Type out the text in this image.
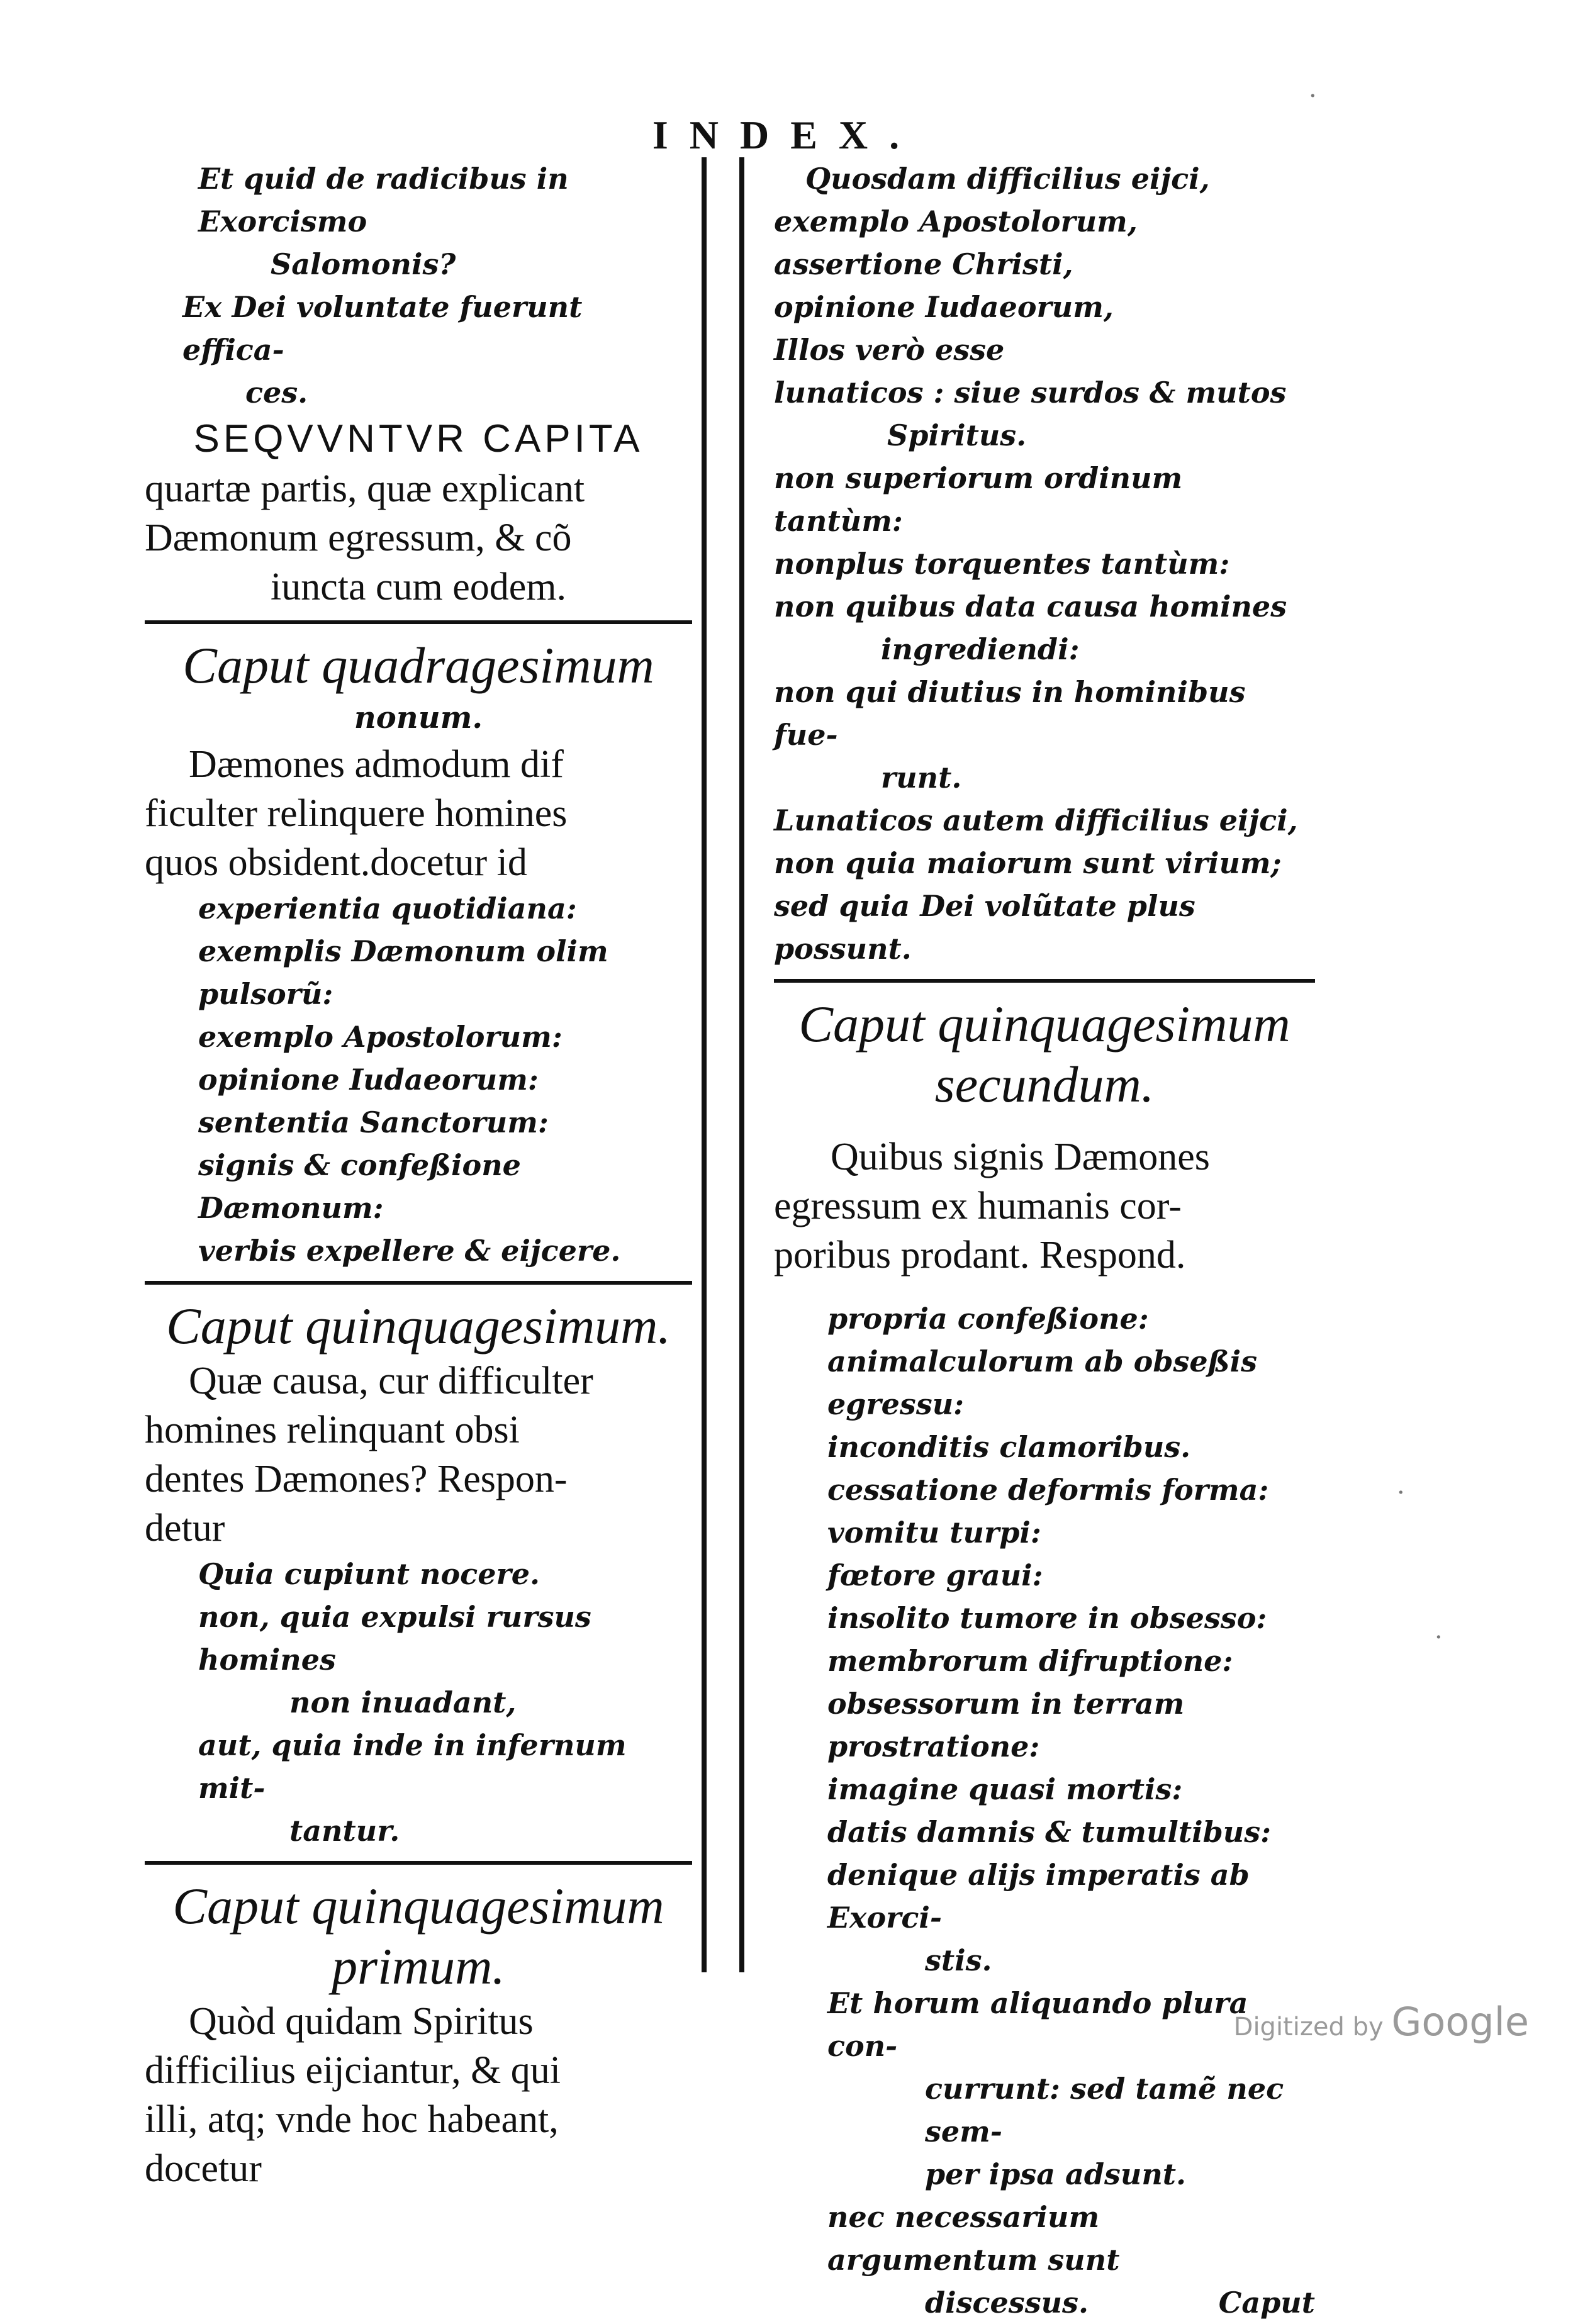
INDEX.
Et quid de radicibus in Exorcismo
Salomonis?
Ex Dei voluntate fuerunt effica-
ces.
SEQVVNTVR CAPITA
quartæ partis, quæ explicant
Dæmonum egressum, & cõ
iuncta cum eodem.
Caput quadragesimum
nonum.
Dæmones admodum dif
ficulter relinquere homines
quos obsident.docetur id
experientia quotidiana:
exemplis Dæmonum olim pulsorũ:
exemplo Apostolorum:
opinione Iudaeorum:
sententia Sanctorum:
signis & confeßione Dæmonum:
verbis expellere & eijcere.
Caput quinquagesimum.
Quæ causa, cur difficulter
homines relinquant obsi
dentes Dæmones? Respon-
detur
Quia cupiunt nocere.
non, quia expulsi rursus homines
non inuadant,
aut, quia inde in infernum mit-
tantur.
Caput quinquagesimum
primum.
Quòd quidam Spiritus
difficilius eijciantur, & qui
illi, atq; vnde hoc habeant,
docetur
Quosdam difficilius eijci,
exemplo Apostolorum,
assertione Christi,
opinione Iudaeorum,
Illos verò esse
lunaticos : siue surdos & mutos
Spiritus.
non superiorum ordinum tantùm:
nonplus torquentes tantùm:
non quibus data causa homines
ingrediendi:
non qui diutius in hominibus fue-
runt.
Lunaticos autem difficilius eijci,
non quia maiorum sunt virium;
sed quia Dei volũtate plus possunt.
Caput quinquagesimum
secundum.
Quibus signis Dæmones
egressum ex humanis cor-
poribus prodant. Respond.
propria confeßione:
animalculorum ab obseßis egressu:
inconditis clamoribus.
cessatione deformis forma:
vomitu turpi:
fœtore graui:
insolito tumore in obsesso:
membrorum difruptione:
obsessorum in terram prostratione:
imagine quasi mortis:
datis damnis & tumultibus:
denique alijs imperatis ab Exorci-
stis.
Et horum aliquando plura con-
currunt: sed tamẽ nec sem-
per ipsa adsunt.
nec necessarium argumentum sunt
discessus.	Caput
Digitized by Google
·
·
·
